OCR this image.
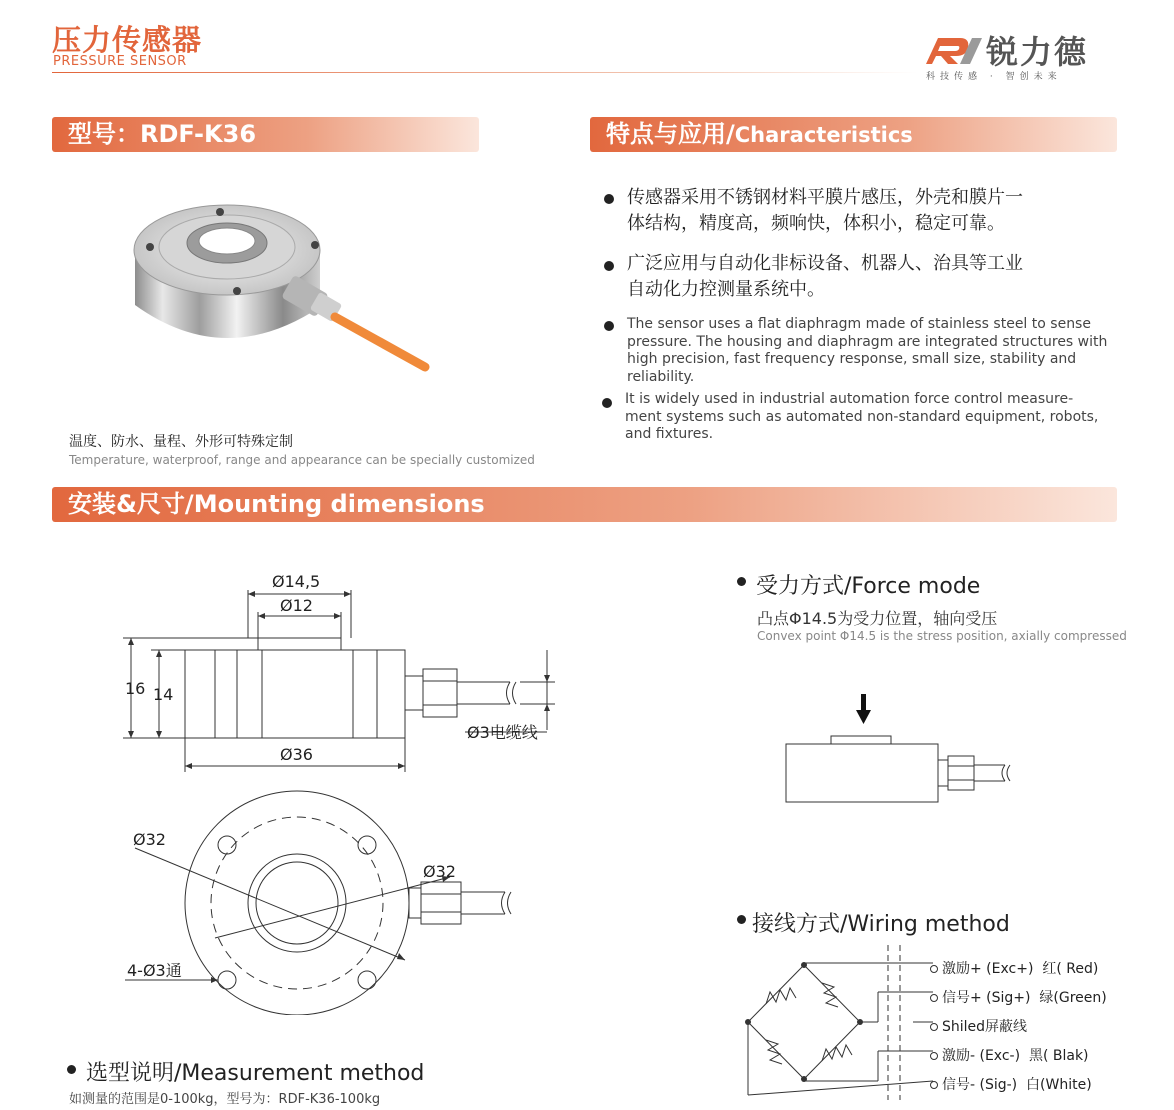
压力传感器
PRESSURE SENSOR	锐力德
科技传感 · 智创未来
型号：RDF-K36	特点与应用/Characteristics
温度、防水、量程、外形可特殊定制
Temperature, waterproof, range and appearance can be specially customized
传感器采用不锈钢材料平膜片感压，外壳和膜片一
体结构，精度高，频响快，体积小，稳定可靠。
广泛应用与自动化非标设备、机器人、治具等工业
自动化力控测量系统中。
The sensor uses a flat diaphragm made of stainless steel to sense
pressure. The housing and diaphragm are integrated structures with
high precision, fast frequency response, small size, stability and
reliability.
It is widely used in industrial automation force control measure-
ment systems such as automated non-standard equipment, robots,
and fixtures.
安装&尺寸/Mounting dimensions
Ø14,5
Ø12
16 14
Ø36
Ø3电缆线
Ø32
Ø32
4-Ø3通
受力方式/Force mode
凸点Φ14.5为受力位置，轴向受压
Convex point Φ14.5 is the stress position, axially compressed
接线方式/Wiring method
激励+ (Exc+) 红( Red)
信号+ (Sig+) 绿(Green)
Shiled屏蔽线
激励- (Exc-) 黑( Blak)
信号- (Sig-) 白(White)
选型说明/Measurement method
如测量的范围是0-100kg，型号为：RDF-K36-100kg
